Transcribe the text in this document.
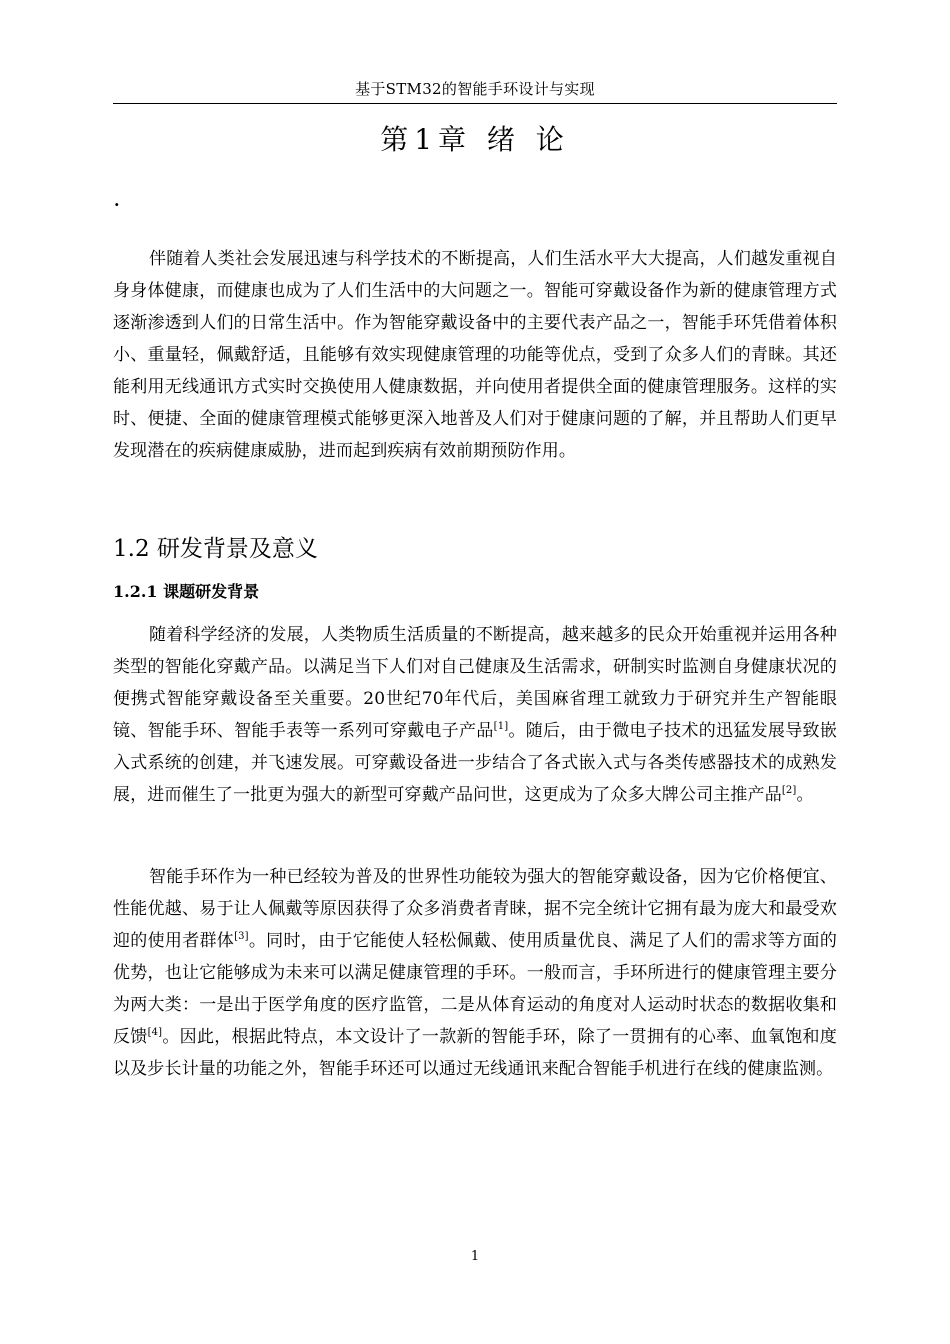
基于STM32的智能手环设计与实现
第1章 绪 论
.

伴随着人类社会发展迅速与科学技术的不断提高，人们生活水平大大提高，人们越发重视自身身体健康，而健康也成为了人们生活中的大问题之一。智能可穿戴设备作为新的健康管理方式逐渐渗透到人们的日常生活中。作为智能穿戴设备中的主要代表产品之一，智能手环凭借着体积小、重量轻，佩戴舒适，且能够有效实现健康管理的功能等优点，受到了众多人们的青睐。其还能利用无线通讯方式实时交换使用人健康数据，并向使用者提供全面的健康管理服务。这样的实时、便捷、全面的健康管理模式能够更深入地普及人们对于健康问题的了解，并且帮助人们更早发现潜在的疾病健康威胁，进而起到疾病有效前期预防作用。

1.2 研发背景及意义
1.2.1 课题研发背景

随着科学经济的发展，人类物质生活质量的不断提高，越来越多的民众开始重视并运用各种类型的智能化穿戴产品。以满足当下人们对自己健康及生活需求，研制实时监测自身健康状况的便携式智能穿戴设备至关重要。20世纪70年代后，美国麻省理工就致力于研究并生产智能眼镜、智能手环、智能手表等一系列可穿戴电子产品[1]。随后，由于微电子技术的迅猛发展导致嵌入式系统的创建，并飞速发展。可穿戴设备进一步结合了各式嵌入式与各类传感器技术的成熟发展，进而催生了一批更为强大的新型可穿戴产品问世，这更成为了众多大牌公司主推产品[2]。

智能手环作为一种已经较为普及的世界性功能较为强大的智能穿戴设备，因为它价格便宜、性能优越、易于让人佩戴等原因获得了众多消费者青睐，据不完全统计它拥有最为庞大和最受欢迎的使用者群体[3]。同时，由于它能使人轻松佩戴、使用质量优良、满足了人们的需求等方面的优势，也让它能够成为未来可以满足健康管理的手环。一般而言，手环所进行的健康管理主要分为两大类：一是出于医学角度的医疗监管，二是从体育运动的角度对人运动时状态的数据收集和反馈[4]。因此，根据此特点，本文设计了一款新的智能手环，除了一贯拥有的心率、血氧饱和度以及步长计量的功能之外，智能手环还可以通过无线通讯来配合智能手机进行在线的健康监测。

1
